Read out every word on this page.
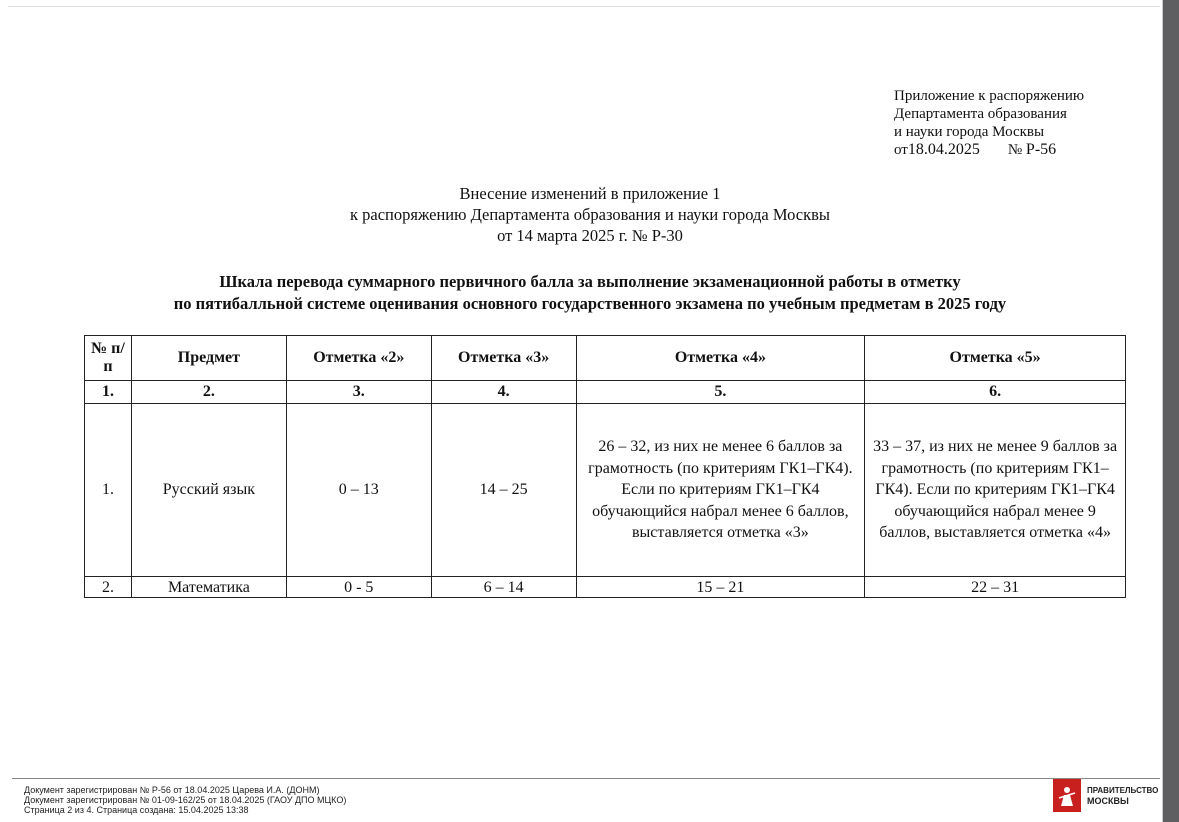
Приложение к распоряжению
Департамента образования
и науки города Москвы
от18.04.2025 № Р-56
Внесение изменений в приложение 1
к распоряжению Департамента образования и науки города Москвы
от 14 марта 2025 г. № Р-30
Шкала перевода суммарного первичного балла за выполнение экзаменационной работы в отметку
по пятибалльной системе оценивания основного государственного экзамена по учебным предметам в 2025 году
№ п/п	Предмет	Отметка «2»	Отметка «3»	Отметка «4»	Отметка «5»
1.	2.	3.	4.	5.	6.
1.	Русский язык	0 – 13	14 – 25	26 – 32, из них не менее 6 баллов за грамотность (по критериям ГК1–ГК4). Если по критериям ГК1–ГК4 обучающийся набрал менее 6 баллов, выставляется отметка «3»	33 – 37, из них не менее 9 баллов за грамотность (по критериям ГК1–ГК4). Если по критериям ГК1–ГК4 обучающийся набрал менее 9 баллов, выставляется отметка «4»
2.	Математика	0 - 5	6 – 14	15 – 21	22 – 31
Документ зарегистрирован № Р-56 от 18.04.2025 Царева И.А. (ДОНМ)
Документ зарегистрирован № 01-09-162/25 от 18.04.2025 (ГАОУ ДПО МЦКО)
Страница 2 из 4. Страница создана: 15.04.2025 13:38
ПРАВИТЕЛЬСТВО
МОСКВЫ
